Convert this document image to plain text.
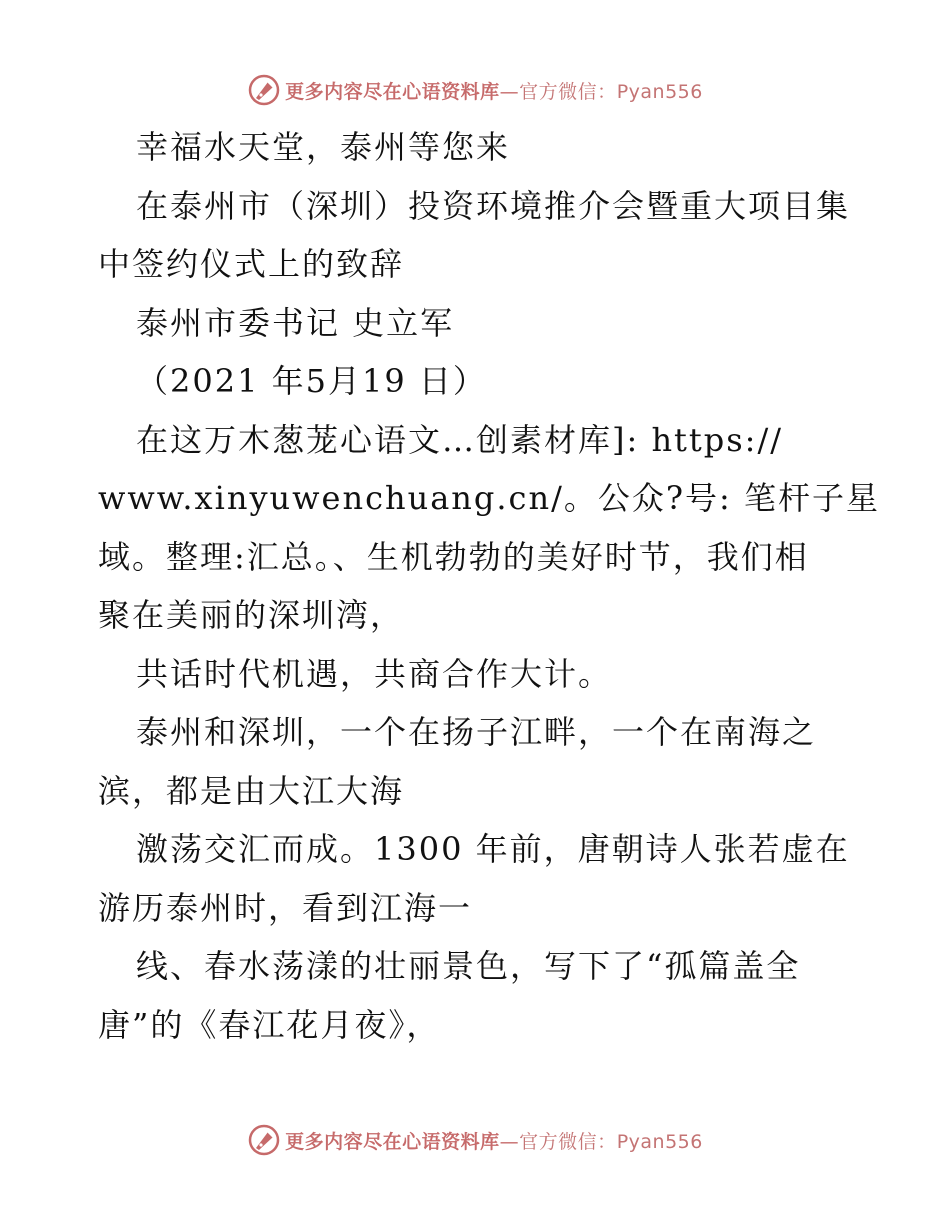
更多内容尽在心语资料库—官方微信：Pyan556
幸福水天堂，泰州等您来
在泰州市（深圳）投资环境推介会暨重大项目集
中签约仪式上的致辞
泰州市委书记 史立军
（2021 年5月19 日）
在这万木葱茏心语文…创素材库]: https://
www.xinyuwenchuang.cn/。公众?号: 笔杆子星
域。整理:汇总。、生机勃勃的美好时节，我们相
聚在美丽的深圳湾，
共话时代机遇，共商合作大计。
泰州和深圳，一个在扬子江畔，一个在南海之
滨，都是由大江大海
激荡交汇而成。1300 年前，唐朝诗人张若虚在
游历泰州时，看到江海一
线、春水荡漾的壮丽景色，写下了“孤篇盖全
唐”的《春江花月夜》，
更多内容尽在心语资料库—官方微信：Pyan556
